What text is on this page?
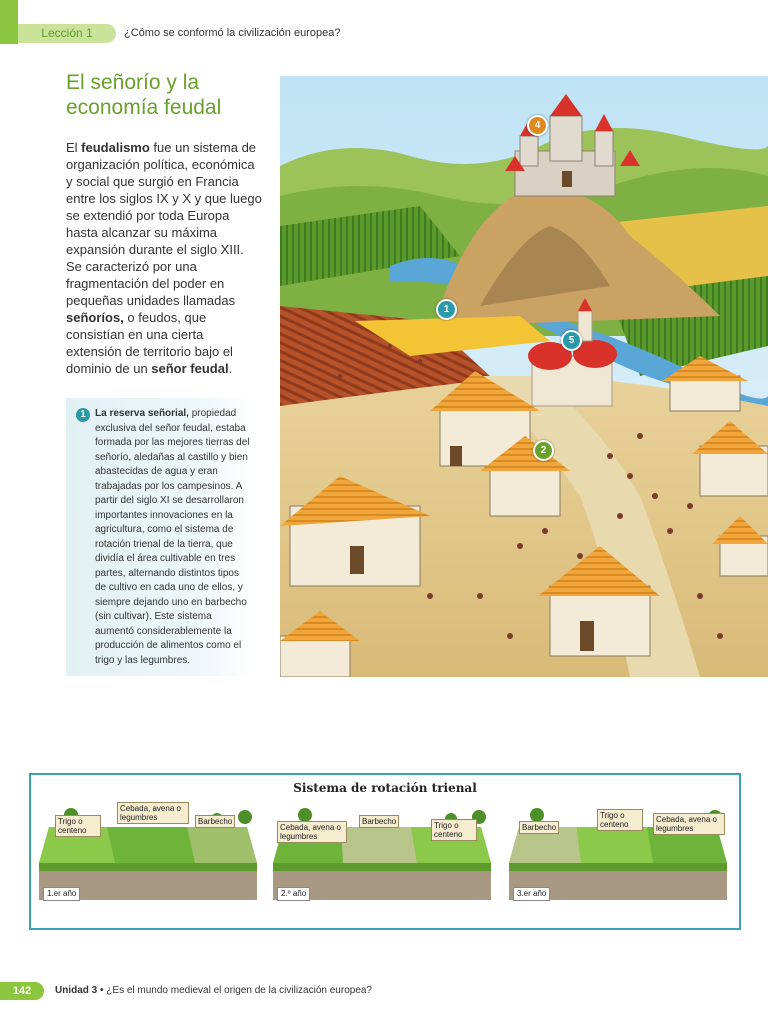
Lección 1	¿Cómo se conformó la civilización europea?
El señorío y la economía feudal

El feudalismo fue un sistema de organización política, económica y social que surgió en Francia entre los siglos IX y X y que luego se extendió por toda Europa hasta alcanzar su máxima expansión durante el siglo XIII. Se caracterizó por una fragmentación del poder en pequeñas unidades llamadas señoríos, o feudos, que consistían en una cierta extensión de territorio bajo el dominio de un señor feudal.

1 La reserva señorial, propiedad exclusiva del señor feudal, estaba formada por las mejores tierras del señorío, aledañas al castillo y bien abastecidas de agua y eran trabajadas por los campesinos. A partir del siglo XI se desarrollaron importantes innovaciones en la agricultura, como el sistema de rotación trienal de la tierra, que dividía el área cultivable en tres partes, alternando distintos tipos de cultivo en cada uno de ellos, y siempre dejando uno en barbecho (sin cultivar). Este sistema aumentó considerablemente la producción de alimentos como el trigo y las legumbres.
1
2
4
5
Sistema de rotación trienal
Trigo o centeno
Cebada, avena o legumbres	Barbecho
1.er año
Cebada, avena o legumbres
Barbecho	Trigo o centeno
2.º año
Barbecho
Trigo o centeno
Cebada, avena o legumbres
3.er año
142	Unidad 3 • ¿Es el mundo medieval el origen de la civilización europea?
